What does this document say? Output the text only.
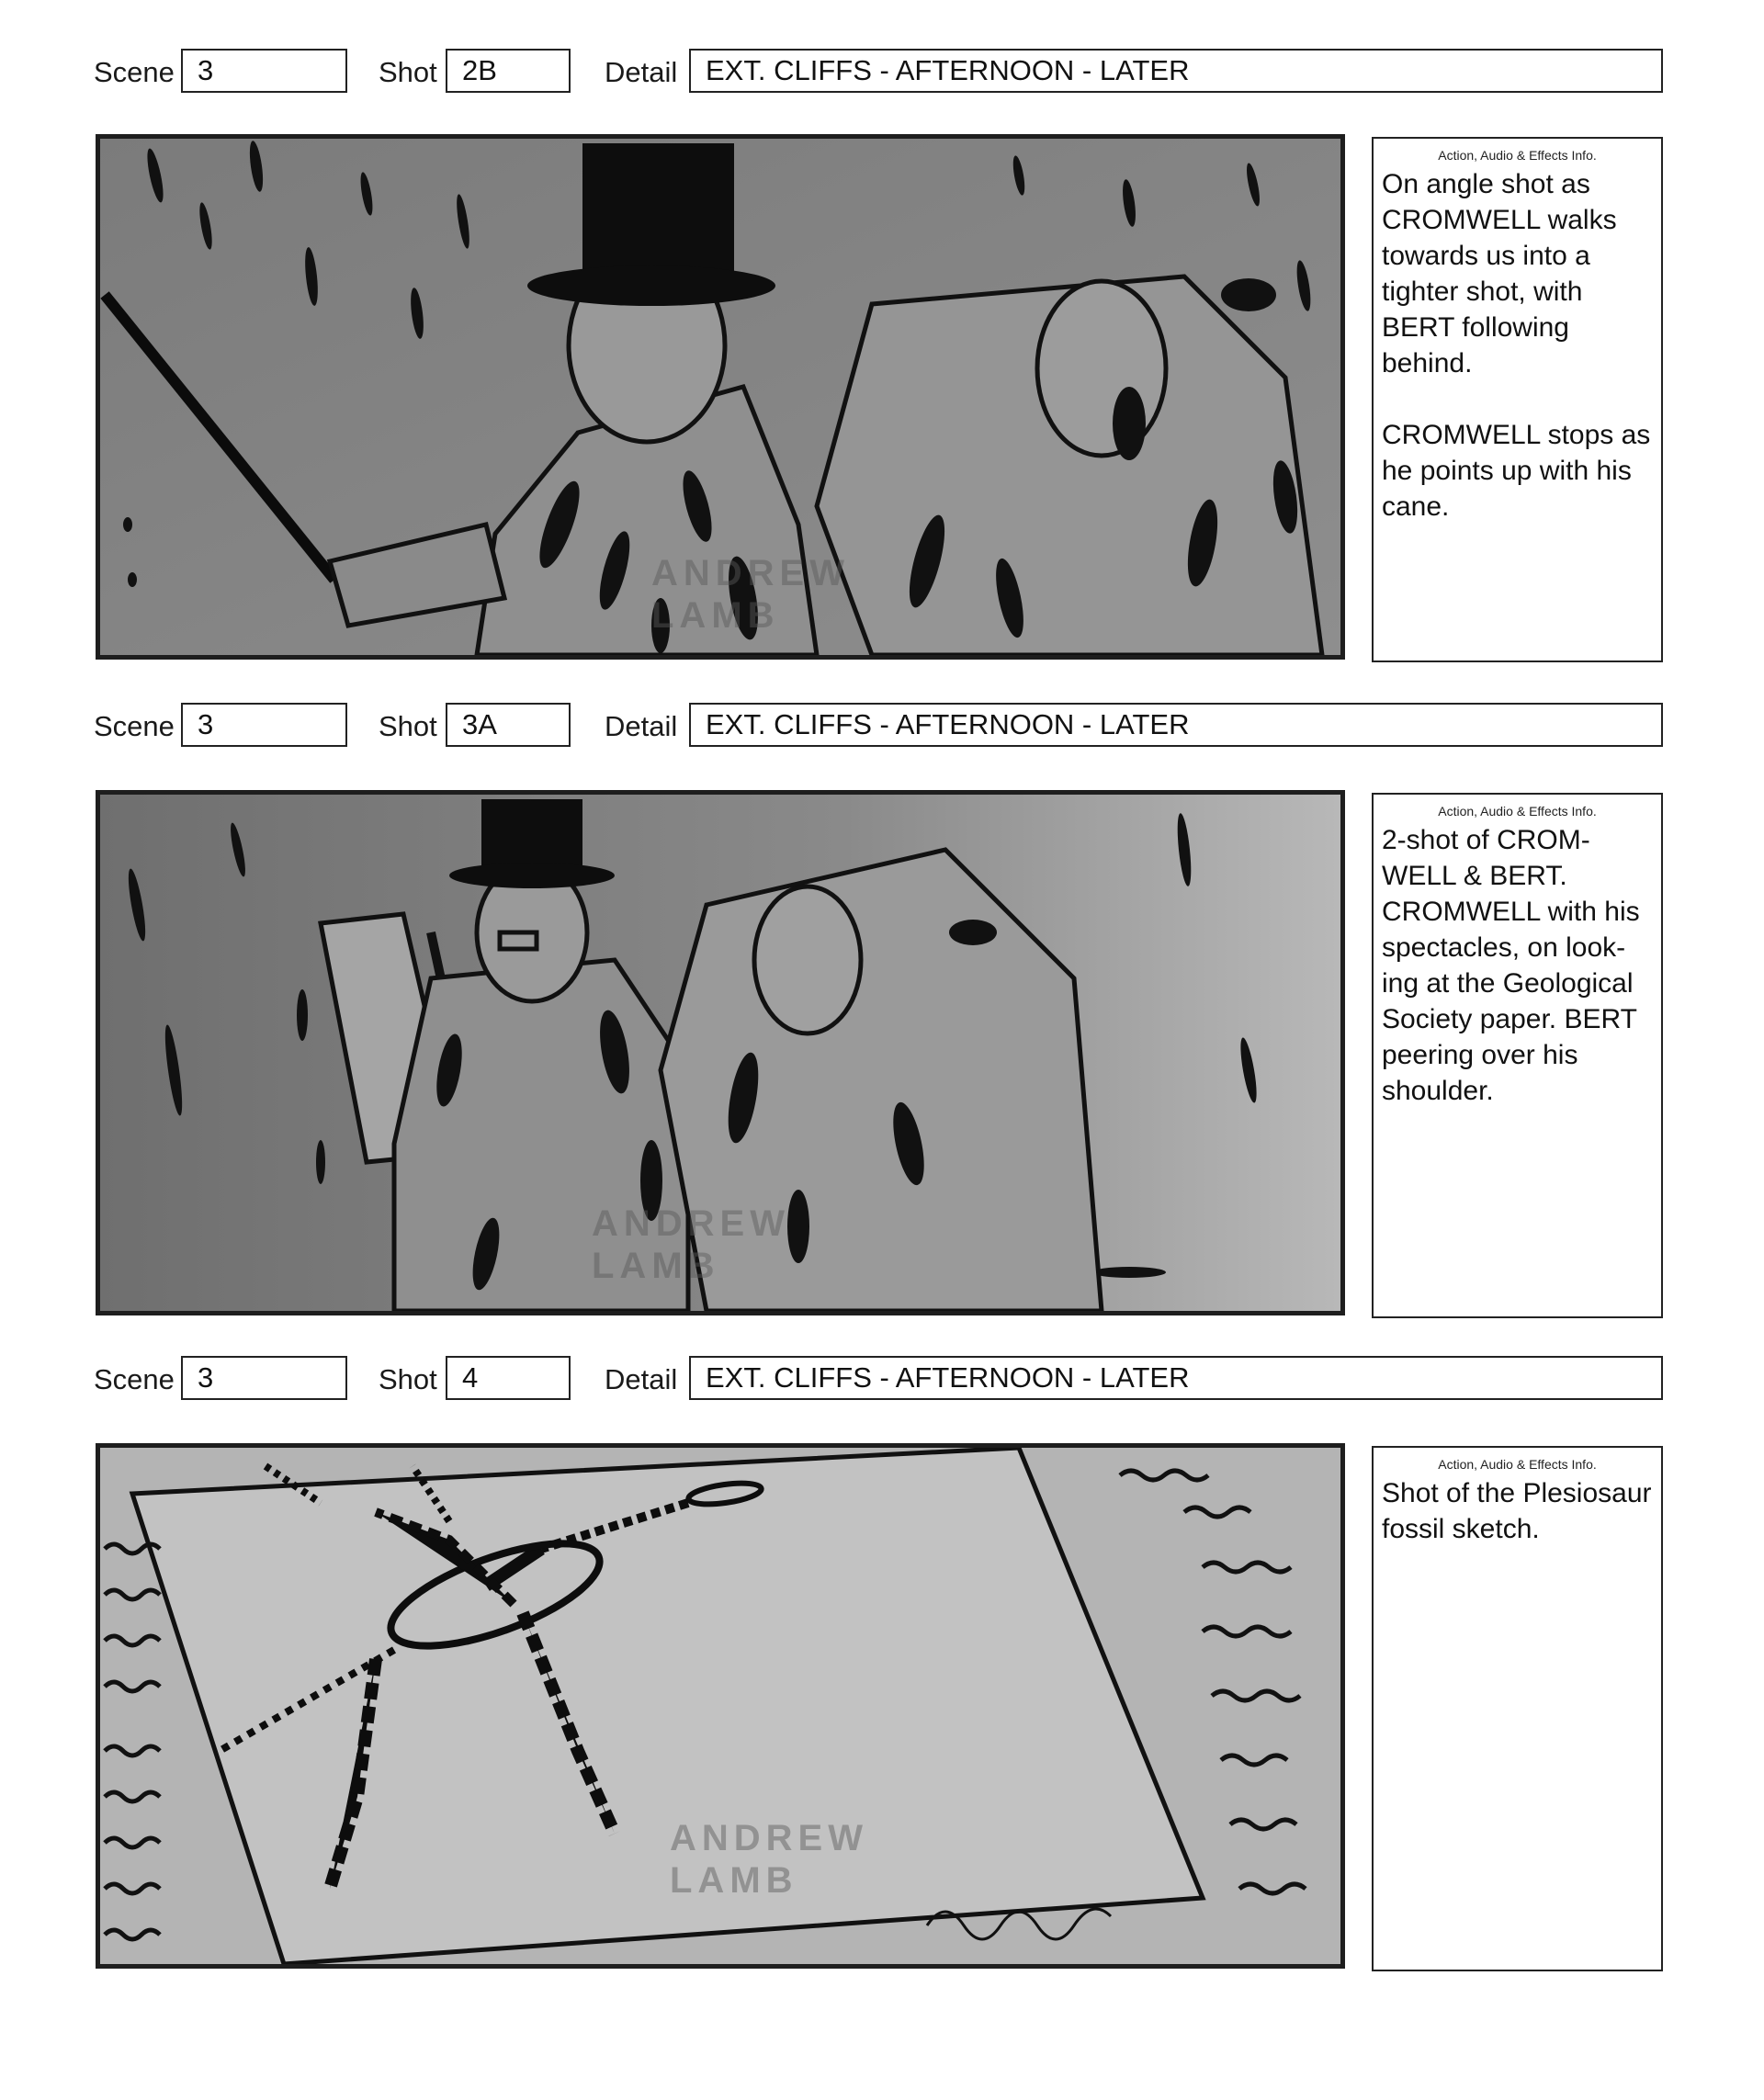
Scene 3	Shot 2B	Detail EXT. CLIFFS - AFTERNOON - LATER
ANDREW
LAMB
Action, Audio & Effects Info.
On angle shot as
CROMWELL walks
towards us into a
tighter shot, with
BERT following
behind.

CROMWELL stops as
he points up with his
cane.
Scene 3	Shot 3A	Detail EXT. CLIFFS - AFTERNOON - LATER
ANDREW
LAMB
Action, Audio & Effects Info.
2-shot of CROM-
WELL & BERT.
CROMWELL with his
spectacles, on look-
ing at the Geological
Society paper. BERT
peering over his
shoulder.
Scene 3	Shot 4	Detail EXT. CLIFFS - AFTERNOON - LATER
ANDREW
LAMB
Action, Audio & Effects Info.
Shot of the Plesiosaur
fossil sketch.
